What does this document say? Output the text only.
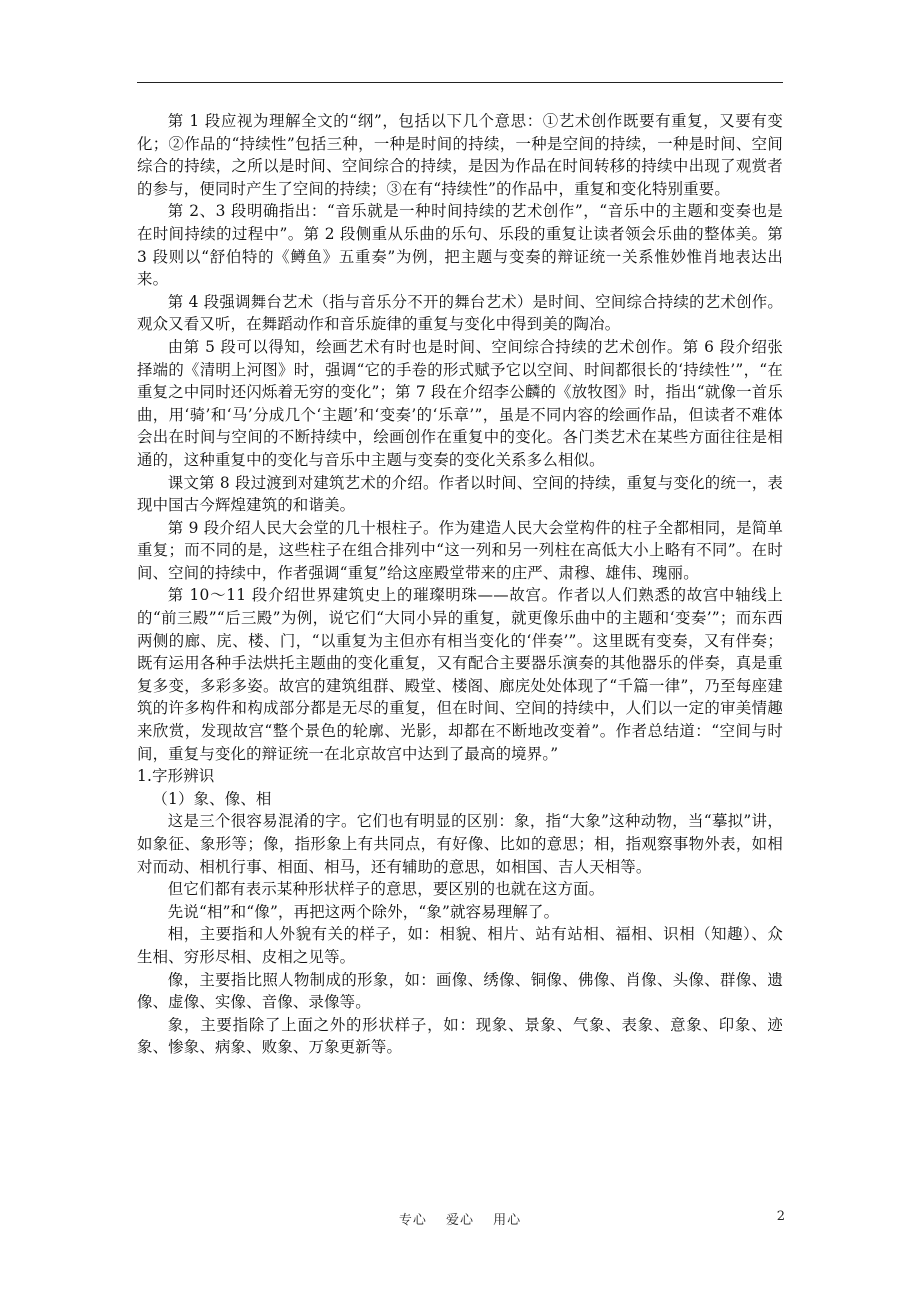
第 1 段应视为理解全文的“纲”，包括以下几个意思：①艺术创作既要有重复，又要有变化；②作品的“持续性”包括三种，一种是时间的持续，一种是空间的持续，一种是时间、空间综合的持续，之所以是时间、空间综合的持续，是因为作品在时间转移的持续中出现了观赏者的参与，便同时产生了空间的持续；③在有“持续性”的作品中，重复和变化特别重要。

第 2、3 段明确指出：“音乐就是一种时间持续的艺术创作”，“音乐中的主题和变奏也是在时间持续的过程中”。第 2 段侧重从乐曲的乐句、乐段的重复让读者领会乐曲的整体美。第 3 段则以“舒伯特的《鳟鱼》五重奏”为例，把主题与变奏的辩证统一关系惟妙惟肖地表达出来。

第 4 段强调舞台艺术（指与音乐分不开的舞台艺术）是时间、空间综合持续的艺术创作。观众又看又听，在舞蹈动作和音乐旋律的重复与变化中得到美的陶冶。

由第 5 段可以得知，绘画艺术有时也是时间、空间综合持续的艺术创作。第 6 段介绍张择端的《清明上河图》时，强调“它的手卷的形式赋予它以空间、时间都很长的‘持续性’”，“在重复之中同时还闪烁着无穷的变化”；第 7 段在介绍李公麟的《放牧图》时，指出“就像一首乐曲，用‘骑’和‘马’分成几个‘主题’和‘变奏’的‘乐章’”，虽是不同内容的绘画作品，但读者不难体会出在时间与空间的不断持续中，绘画创作在重复中的变化。各门类艺术在某些方面往往是相通的，这种重复中的变化与音乐中主题与变奏的变化关系多么相似。

课文第 8 段过渡到对建筑艺术的介绍。作者以时间、空间的持续，重复与变化的统一，表现中国古今辉煌建筑的和谐美。

第 9 段介绍人民大会堂的几十根柱子。作为建造人民大会堂构件的柱子全都相同，是简单重复；而不同的是，这些柱子在组合排列中“这一列和另一列柱在高低大小上略有不同”。在时间、空间的持续中，作者强调“重复”给这座殿堂带来的庄严、肃穆、雄伟、瑰丽。

第 10～11 段介绍世界建筑史上的璀璨明珠——故宫。作者以人们熟悉的故宫中轴线上的“前三殿”“后三殿”为例，说它们“大同小异的重复，就更像乐曲中的主题和‘变奏’”；而东西两侧的廊、庑、楼、门，“以重复为主但亦有相当变化的‘伴奏’”。这里既有变奏，又有伴奏；既有运用各种手法烘托主题曲的变化重复，又有配合主要器乐演奏的其他器乐的伴奏，真是重复多变，多彩多姿。故宫的建筑组群、殿堂、楼阁、廊庑处处体现了“千篇一律”，乃至每座建筑的许多构件和构成部分都是无尽的重复，但在时间、空间的持续中，人们以一定的审美情趣来欣赏，发现故宫“整个景色的轮廓、光影，却都在不断地改变着”。作者总结道：“空间与时间，重复与变化的辩证统一在北京故宫中达到了最高的境界。”

1.字形辨识

（1）象、像、相

这是三个很容易混淆的字。它们也有明显的区别：象，指“大象”这种动物，当“摹拟”讲，如象征、象形等；像，指形象上有共同点，有好像、比如的意思；相，指观察事物外表，如相对而动、相机行事、相面、相马，还有辅助的意思，如相国、吉人天相等。

但它们都有表示某种形状样子的意思，要区别的也就在这方面。

先说“相”和“像”，再把这两个除外，“象”就容易理解了。

相，主要指和人外貌有关的样子，如：相貌、相片、站有站相、福相、识相（知趣）、众生相、穷形尽相、皮相之见等。

像，主要指比照人物制成的形象，如：画像、绣像、铜像、佛像、肖像、头像、群像、遗像、虚像、实像、音像、录像等。

象，主要指除了上面之外的形状样子，如：现象、景象、气象、表象、意象、印象、迹象、惨象、病象、败象、万象更新等。

专心 爱心 用心	2
